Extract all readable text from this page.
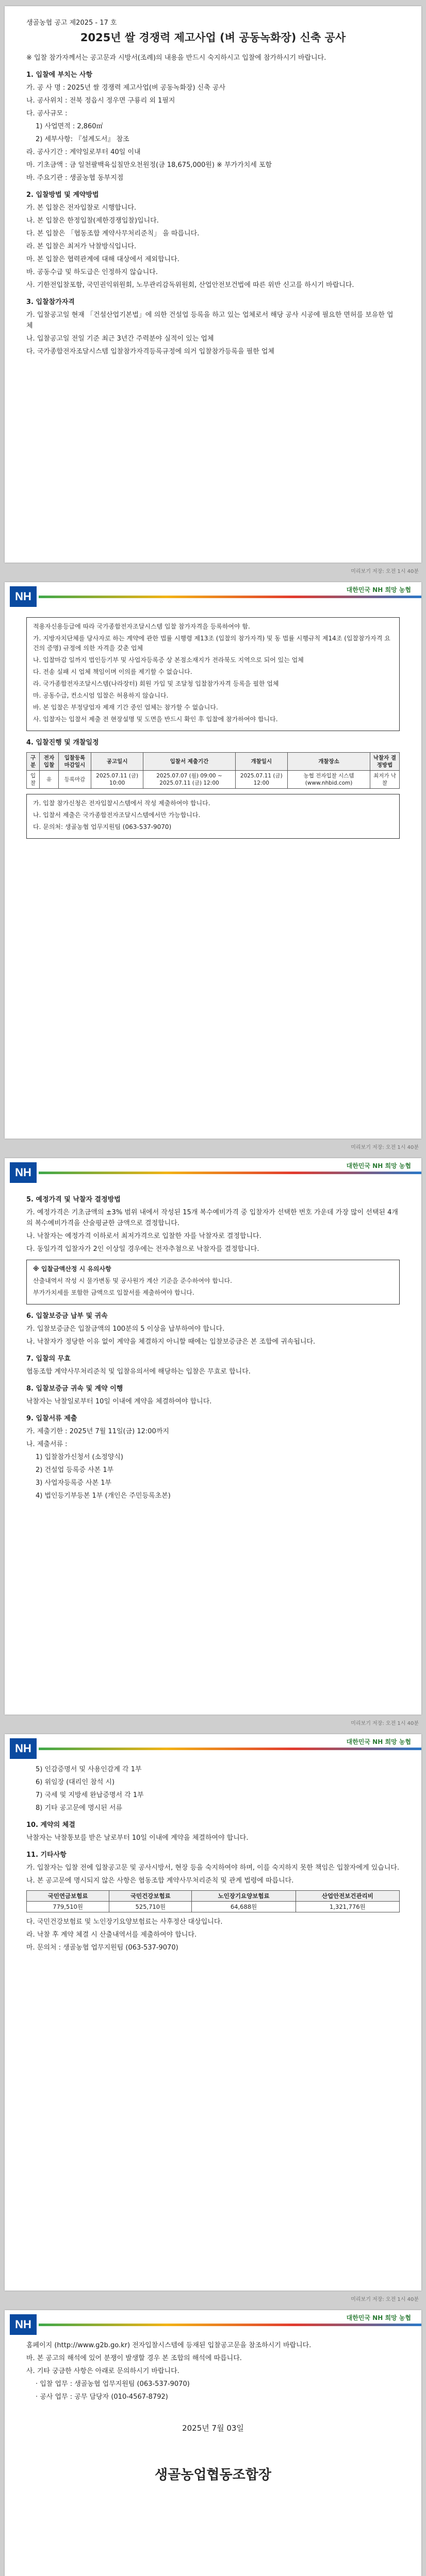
생골농협 공고 제2025 - 17 호

2025년 쌀 경쟁력 제고사업 (벼 공동녹화장) 신축 공사

※ 입찰 참가자께서는 공고문과 시방서(조례)의 내용을 반드시 숙지하시고 입찰에 참가하시기 바랍니다.

1. 입찰에 부치는 사항

가. 공 사 명 : 2025년 쌀 경쟁력 제고사업(벼 공동녹화장) 신축 공사

나. 공사위치 : 전북 정읍시 정우면 구룡리 외 1필지

다. 공사규모 :

1) 사업면적 : 2,860㎡

2) 세부사항: 『설계도서』 참조

라. 공사기간 : 계약일로부터 40일 이내

마. 기초금액 : 금 일천팔백육십칠만오천원정(금 18,675,000원) ※ 부가가치세 포함

바. 주요기관 : 생골농협 동부지점

2. 입찰방법 및 계약방법

가. 본 입찰은 전자입찰로 시행합니다.

나. 본 입찰은 한정입찰(제한경쟁입찰)입니다.

다. 본 입찰은 「협동조합 계약사무처리준칙」 을 따릅니다.

라. 본 입찰은 최저가 낙찰방식입니다.

마. 본 입찰은 협력관계에 대해 대상에서 제외합니다.

바. 공동수급 및 하도급은 인정하지 않습니다.

사. 기한전입찰포함, 국민권익위원회, 노무관리감독위원회, 산업안전보건법에 따른 위반 신고를 하시기 바랍니다.

3. 입찰참가자격

가. 입찰공고일 현재 「건설산업기본법」에 의한 건설업 등록을 하고 있는 업체로서 해당 공사 시공에 필요한 면허를 보유한 업체

나. 입찰공고일 전일 기준 최근 3년간 주력분야 실적이 있는 업체

다. 국가종합전자조달시스템 입찰참가자격등록규정에 의거 입찰참가등록을 필한 업체

미리보기 저장: 오전 1시 40분
NH	대한민국 NH 희망 농협

적용자신용등급에 따라 국가종합전자조달시스템 입찰 참가자격을 등록하여야 함.

가. 지방자치단체를 당사자로 하는 계약에 관한 법률 시행령 제13조 (입찰의 참가자격) 및 동 법률 시행규칙 제14조 (입찰참가자격 요건의 증명) 규정에 의한 자격을 갖춘 업체

나. 입찰마감 일까지 법인등기부 및 사업자등록증 상 본점소재지가 전라북도 지역으로 되어 있는 업체

다. 전송 실패 시 업체 책임이며 이의를 제기할 수 없습니다.

라. 국가종합전자조달시스템(나라장터) 회원 가입 및 조달청 입찰참가자격 등록을 필한 업체

마. 공동수급, 컨소시엄 입찰은 허용하지 않습니다.

바. 본 입찰은 부정당업자 제재 기간 중인 업체는 참가할 수 없습니다.

사. 입찰자는 입찰서 제출 전 현장설명 및 도면을 반드시 확인 후 입찰에 참가하여야 합니다.

4. 입찰진행 및 개찰일정

구분	전자입찰	입찰등록 마감일시	공고일시	입찰서 제출기간	개찰일시	개찰장소	낙찰자 결정방법
입찰	유	등록마감	2025.07.11 (금) 10:00	2025.07.07 (월) 09:00 ~ 2025.07.11 (금) 12:00	2025.07.11 (금) 12:00	농협 전자입찰 시스템 (www.nhbid.com)	최저가 낙찰

가. 입찰 참가신청은 전자입찰시스템에서 작성 제출하여야 합니다.

나. 입찰서 제출은 국가종합전자조달시스템에서만 가능합니다.

다. 문의처: 생골농협 업무지원팀 (063-537-9070)

미리보기 저장: 오전 1시 40분
NH	대한민국 NH 희망 농협

5. 예정가격 및 낙찰자 결정방법

가. 예정가격은 기초금액의 ±3% 범위 내에서 작성된 15개 복수예비가격 중 입찰자가 선택한 번호 가운데 가장 많이 선택된 4개의 복수예비가격을 산술평균한 금액으로 결정합니다.

나. 낙찰자는 예정가격 이하로서 최저가격으로 입찰한 자를 낙찰자로 결정합니다.

다. 동일가격 입찰자가 2인 이상일 경우에는 전자추첨으로 낙찰자를 결정합니다.

※ 입찰금액산정 시 유의사항

산출내역서 작성 시 물가변동 및 공사원가 계산 기준을 준수하여야 합니다.

부가가치세를 포함한 금액으로 입찰서를 제출하여야 합니다.

6. 입찰보증금 납부 및 귀속

가. 입찰보증금은 입찰금액의 100분의 5 이상을 납부하여야 합니다.

나. 낙찰자가 정당한 이유 없이 계약을 체결하지 아니할 때에는 입찰보증금은 본 조합에 귀속됩니다.

7. 입찰의 무효

협동조합 계약사무처리준칙 및 입찰유의서에 해당하는 입찰은 무효로 합니다.

8. 입찰보증금 귀속 및 계약 이행

낙찰자는 낙찰일로부터 10일 이내에 계약을 체결하여야 합니다.

9. 입찰서류 제출

가. 제출기한 : 2025년 7월 11일(금) 12:00까지

나. 제출서류 :

1) 입찰참가신청서 (소정양식)

2) 건설업 등록증 사본 1부

3) 사업자등록증 사본 1부

4) 법인등기부등본 1부 (개인은 주민등록초본)

미리보기 저장: 오전 1시 40분
NH	대한민국 NH 희망 농협

5) 인감증명서 및 사용인감계 각 1부

6) 위임장 (대리인 참석 시)

7) 국세 및 지방세 완납증명서 각 1부

8) 기타 공고문에 명시된 서류

10. 계약의 체결

낙찰자는 낙찰통보를 받은 날로부터 10일 이내에 계약을 체결하여야 합니다.

11. 기타사항

가. 입찰자는 입찰 전에 입찰공고문 및 공사시방서, 현장 등을 숙지하여야 하며, 이를 숙지하지 못한 책임은 입찰자에게 있습니다.

나. 본 공고문에 명시되지 않은 사항은 협동조합 계약사무처리준칙 및 관계 법령에 따릅니다.

국민연금보험료	국민건강보험료	노인장기요양보험료	산업안전보건관리비
779,510원	525,710원	64,688원	1,321,776원

다. 국민건강보험료 및 노인장기요양보험료는 사후정산 대상입니다.

라. 낙찰 후 계약 체결 시 산출내역서를 제출하여야 합니다.

마. 문의처 : 생골농협 업무지원팀 (063-537-9070)

미리보기 저장: 오전 1시 40분
NH	대한민국 NH 희망 농협

홈페이지 (http://www.g2b.go.kr) 전자입찰시스템에 등재된 입찰공고문을 참조하시기 바랍니다.

바. 본 공고의 해석에 있어 분쟁이 발생할 경우 본 조합의 해석에 따릅니다.

사. 기타 궁금한 사항은 아래로 문의하시기 바랍니다.

· 입찰 업무 : 생골농협 업무지원팀 (063-537-9070)

· 공사 업무 : 공무 담당자 (010-4567-8792)

2025년 7월 03일
생골농업협동조합장
